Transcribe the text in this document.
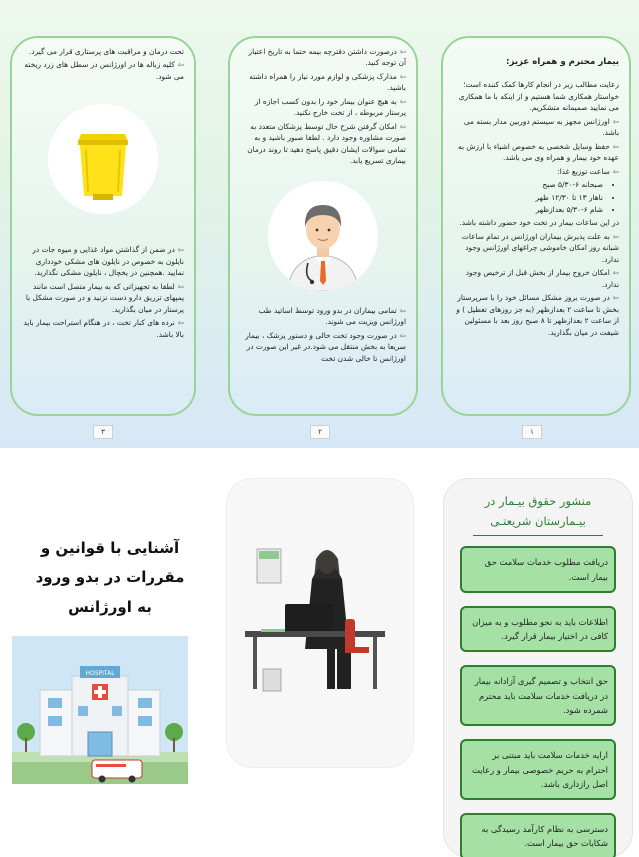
بیمار محترم و همراه عزیز:

رعایت مطالب زیر در انجام کارها کمک کننده است؛ خواستار همکاری شما هستیم و از اینکه با ما همکاری می نمایید صمیمانه متشکریم.

⇦اورژانس مجهز به سیستم دوربین مدار بسته می باشد.

⇦حفظ وسایل شخصی به خصوص اشیاء با ارزش به عهده خود بیمار و همراه وی می باشد.

⇦ساعت توزیع غذا:

• صبحانه ۶-۵/۳۰ صبح
• ناهار ۱۳ تا ۱۲/۳۰ ظهر
• شام ۶-۵/۳۰ بعدازظهر

در این ساعات بیمار در تخت خود حضور داشته باشد.

⇦به علت پذیرش بیماران اورژانس در تمام ساعات شبانه روز امکان خاموشی چراغهای اورژانس وجود ندارد.

⇦امکان خروج بیمار از بخش قبل از ترخیص وجود ندارد.

⇦در صورت بروز مشکل مسائل خود را با سرپرستار بخش تا ساعت ۲ بعدازظهر (به جز روزهای تعطیل ) و از ساعت ۲ بعدازظهر تا ۸ صبح روز بعد با مسئولین شیفت در میان بگذارید.

۱

⇦درصورت داشتن دفترچه بیمه حتما به تاریخ اعتبار آن توجه کنید.

⇦مدارک پزشکی و لوازم مورد نیاز را همراه داشته باشید.

⇦به هیچ عنوان بیمار خود را بدون کسب اجازه از پرستار مربوطه ، از تخت خارج نکنید.

⇦امکان گرفتن شرح حال توسط پزشکان متعدد به صورت مشاوره وجود دارد . لطفا صبور باشید و به تمامی سوالات ایشان دقیق پاسخ دهید تا روند درمان بیماری تسریع یابد.

⇦تمامی بیماران در بدو ورود توسط اساتید طب اورژانس ویزیت می شوند.

⇦در صورت وجود تخت خالی و دستور پزشک ، بیمار سریعا به بخش منتقل می شود.در غیر این صورت در اورژانس تا خالی شدن تخت

۲

تحت درمان و مراقبت های پرستاری قرار می گیرد.

⇦کلیه زباله ها در اورژانس در سطل های زرد ریخته می شود.

⇦در ضمن از گذاشتن مواد غذایی و میوه جات در نایلون به خصوص در نایلون های مشکی خودداری نمایید .همچنین در یخچال ، نایلون مشکی نگذارید.

⇦لطفا به تجهیزاتی که به بیمار متصل است مانند پمپهای تزریق دارو دست نزنید و در صورت مشکل با پرستار در میان بگذارید.

⇦نرده های کنار تخت ، در هنگام استراحت بیمار باید بالا باشد.

۳
منشور حقوق بیـمار در
بیـمارستان شریعتـی
دریافت مطلوب خدمات سلامت حق بیمار است.
اطلاعات باید به نحو مطلوب و به میزان کافی در اختیار بیمار قرار گیرد.
حق انتخاب و تصمیم گیری آزادانه بیمار در دریافت خدمات سلامت باید محترم شمرده شود.
ارایه خدمات سلامت باید مبتنی بر احترام به حریم خصوصی بیمار و رعایت اصل رازداری باشد.
دسترسی به نظام کارآمد رسیدگی به شکایات حق بیمار است.
آشنایی با قوانین و
مقررات در بدو ورود
به اورژانس
HOSPITAL
